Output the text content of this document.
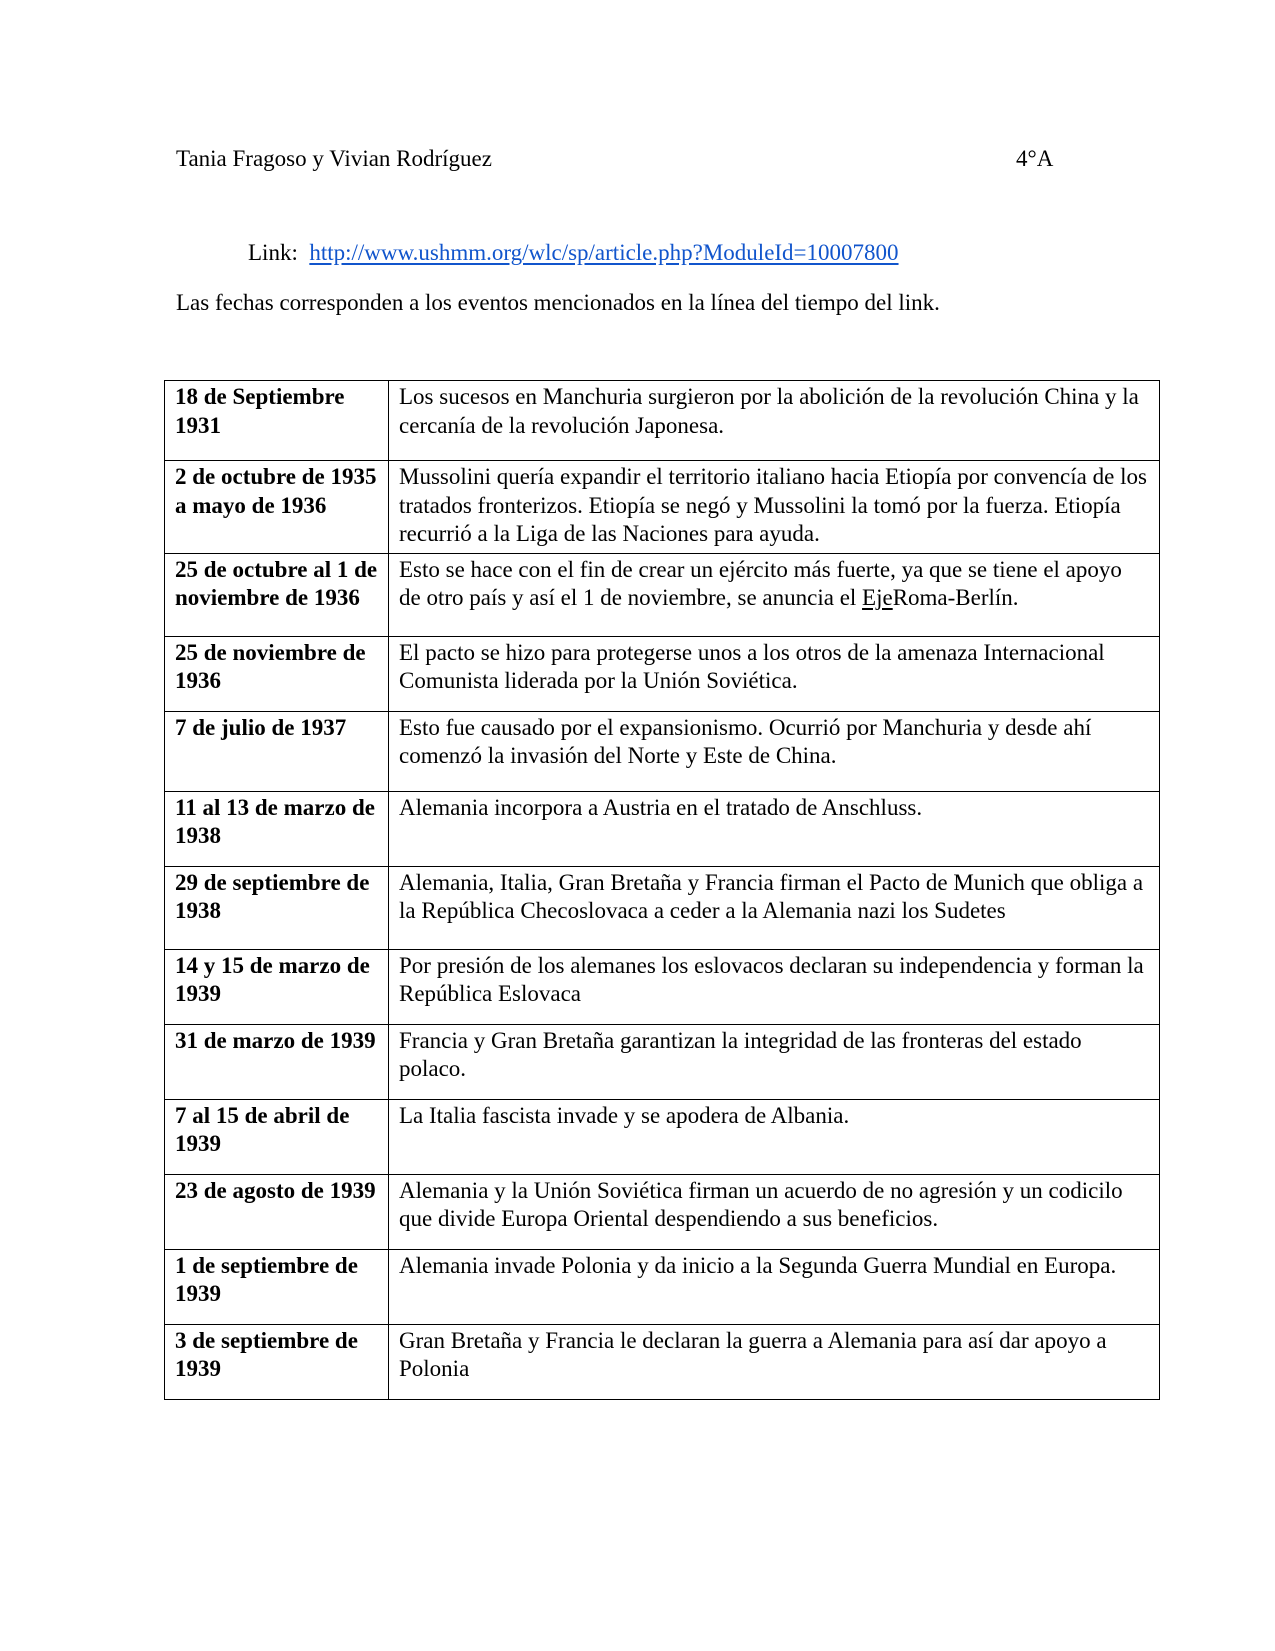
Tania Fragoso y Vivian Rodríguez	4°A
Link: http://www.ushmm.org/wlc/sp/article.php?ModuleId=10007800
Las fechas corresponden a los eventos mencionados en la línea del tiempo del link.
18 de Septiembre 1931	Los sucesos en Manchuria surgieron por la abolición de la revolución China y la cercanía de la revolución Japonesa.
2 de octubre de 1935 a mayo de 1936	Mussolini quería expandir el territorio italiano hacia Etiopía por convencía de los tratados fronterizos. Etiopía se negó y Mussolini la tomó por la fuerza. Etiopía recurrió a la Liga de las Naciones para ayuda.
25 de octubre al 1 de noviembre de 1936	Esto se hace con el fin de crear un ejército más fuerte, ya que se tiene el apoyo de otro país y así el 1 de noviembre, se anuncia el EjeRoma-Berlín.
25 de noviembre de 1936	El pacto se hizo para protegerse unos a los otros de la amenaza Internacional Comunista liderada por la Unión Soviética.
7 de julio de 1937	Esto fue causado por el expansionismo. Ocurrió por Manchuria y desde ahí comenzó la invasión del Norte y Este de China.
11 al 13 de marzo de 1938	Alemania incorpora a Austria en el tratado de Anschluss.
29 de septiembre de 1938	Alemania, Italia, Gran Bretaña y Francia firman el Pacto de Munich que obliga a la República Checoslovaca a ceder a la Alemania nazi los Sudetes
14 y 15 de marzo de 1939	Por presión de los alemanes los eslovacos declaran su independencia y forman la República Eslovaca
31 de marzo de 1939	Francia y Gran Bretaña garantizan la integridad de las fronteras del estado polaco.
7 al 15 de abril de 1939	La Italia fascista invade y se apodera de Albania.
23 de agosto de 1939	Alemania y la Unión Soviética firman un acuerdo de no agresión y un codicilo que divide Europa Oriental despendiendo a sus beneficios.
1 de septiembre de 1939	Alemania invade Polonia y da inicio a la Segunda Guerra Mundial en Europa.
3 de septiembre de 1939	Gran Bretaña y Francia le declaran la guerra a Alemania para así dar apoyo a Polonia
